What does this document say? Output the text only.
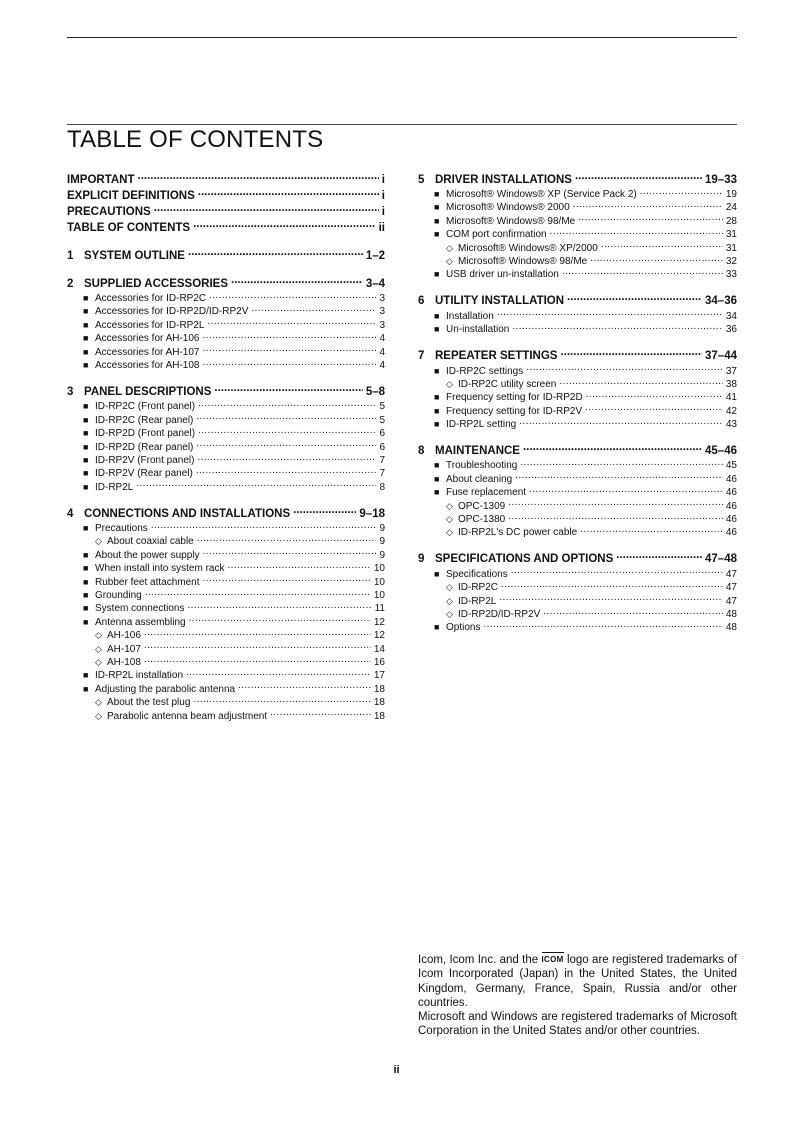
TABLE OF CONTENTS
IMPORTANT .....	i
EXPLICIT DEFINITIONS .....	i
PRECAUTIONS .....	i
TABLE OF CONTENTS .....	ii
1 SYSTEM OUTLINE .....	1–2
2 SUPPLIED ACCESSORIES .....	3–4
■ Accessories for ID-RP2C .....	3
■ Accessories for ID-RP2D/ID-RP2V .....	3
■ Accessories for ID-RP2L .....	3
■ Accessories for AH-106 .....	4
■ Accessories for AH-107 .....	4
■ Accessories for AH-108 .....	4
3 PANEL DESCRIPTIONS .....	5–8
■ ID-RP2C (Front panel) .....	5
■ ID-RP2C (Rear panel) .....	5
■ ID-RP2D (Front panel) .....	6
■ ID-RP2D (Rear panel) .....	6
■ ID-RP2V (Front panel) .....	7
■ ID-RP2V (Rear panel) .....	7
■ ID-RP2L .....	8
4 CONNECTIONS AND INSTALLATIONS .....	9–18
■ Precautions .....	9
◇ About coaxial cable .....	9
■ About the power supply .....	9
■ When install into system rack .....	10
■ Rubber feet attachment .....	10
■ Grounding .....	10
■ System connections .....	11
■ Antenna assembling .....	12
◇ AH-106 .....	12
◇ AH-107 .....	14
◇ AH-108 .....	16
■ ID-RP2L installation .....	17
■ Adjusting the parabolic antenna .....	18
◇ About the test plug .....	18
◇ Parabolic antenna beam adjustment .....	18
5 DRIVER INSTALLATIONS .....	19–33
■ Microsoft® Windows® XP (Service Pack 2) .....	19
■ Microsoft® Windows® 2000 .....	24
■ Microsoft® Windows® 98/Me .....	28
■ COM port confirmation .....	31
◇ Microsoft® Windows® XP/2000 .....	31
◇ Microsoft® Windows® 98/Me .....	32
■ USB driver un-installation .....	33
6 UTILITY INSTALLATION .....	34–36
■ Installation .....	34
■ Un-installation .....	36
7 REPEATER SETTINGS .....	37–44
■ ID-RP2C settings .....	37
◇ ID-RP2C utility screen .....	38
■ Frequency setting for ID-RP2D .....	41
■ Frequency setting for ID-RP2V .....	42
■ ID-RP2L setting .....	43
8 MAINTENANCE .....	45–46
■ Troubleshooting .....	45
■ About cleaning .....	46
■ Fuse replacement .....	46
◇ OPC-1309 .....	46
◇ OPC-1380 .....	46
◇ ID-RP2L's DC power cable .....	46
9 SPECIFICATIONS AND OPTIONS .....	47–48
■ Specifications .....	47
◇ ID-RP2C .....	47
◇ ID-RP2L .....	47
◇ ID-RP2D/ID-RP2V .....	48
■ Options .....	48

Icom, Icom Inc. and the ICOM logo are registered trademarks of Icom Incorporated (Japan) in the United States, the United Kingdom, Germany, France, Spain, Russia and/or other countries.

Microsoft and Windows are registered trademarks of Microsoft Corporation in the United States and/or other countries.

ii
